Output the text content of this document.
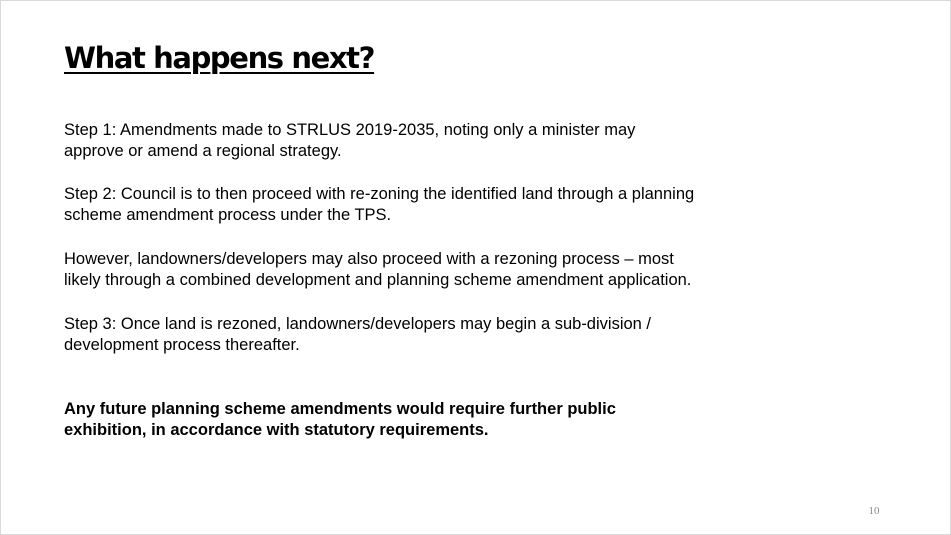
What happens next?

Step 1: Amendments made to STRLUS 2019-2035, noting only a minister may
approve or amend a regional strategy.

Step 2: Council is to then proceed with re-zoning the identified land through a planning
scheme amendment process under the TPS.

However, landowners/developers may also proceed with a rezoning process – most
likely through a combined development and planning scheme amendment application.

Step 3: Once land is rezoned, landowners/developers may begin a sub-division /
development process thereafter.

Any future planning scheme amendments would require further public
exhibition, in accordance with statutory requirements.

10
